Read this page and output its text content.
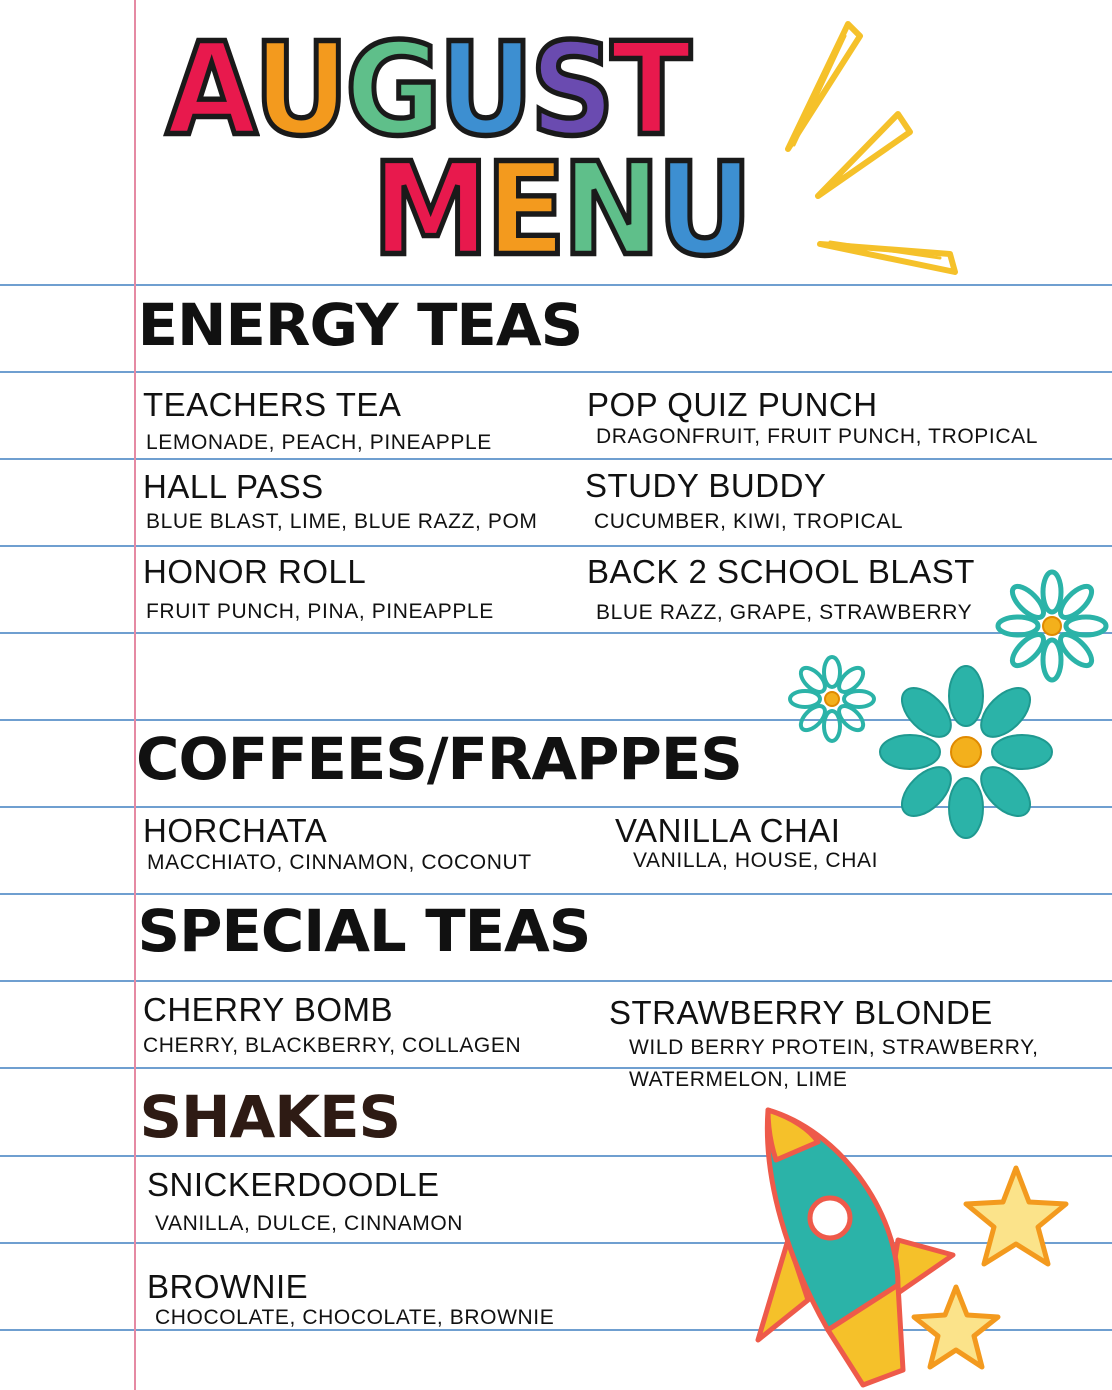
AUGUST
MENU
ENERGY TEAS

TEACHERS TEA

LEMONADE, PEACH, PINEAPPLE

POP QUIZ PUNCH

DRAGONFRUIT, FRUIT PUNCH, TROPICAL

HALL PASS

BLUE BLAST, LIME, BLUE RAZZ, POM

STUDY BUDDY

CUCUMBER, KIWI, TROPICAL

HONOR ROLL

FRUIT PUNCH, PINA, PINEAPPLE

BACK 2 SCHOOL BLAST

BLUE RAZZ, GRAPE, STRAWBERRY

COFFEES/FRAPPES

HORCHATA

MACCHIATO, CINNAMON, COCONUT

VANILLA CHAI

VANILLA, HOUSE, CHAI

SPECIAL TEAS

CHERRY BOMB

CHERRY, BLACKBERRY, COLLAGEN

STRAWBERRY BLONDE

WILD BERRY PROTEIN, STRAWBERRY,

WATERMELON, LIME

SHAKES

SNICKERDOODLE

VANILLA, DULCE, CINNAMON

BROWNIE

CHOCOLATE, CHOCOLATE, BROWNIE
